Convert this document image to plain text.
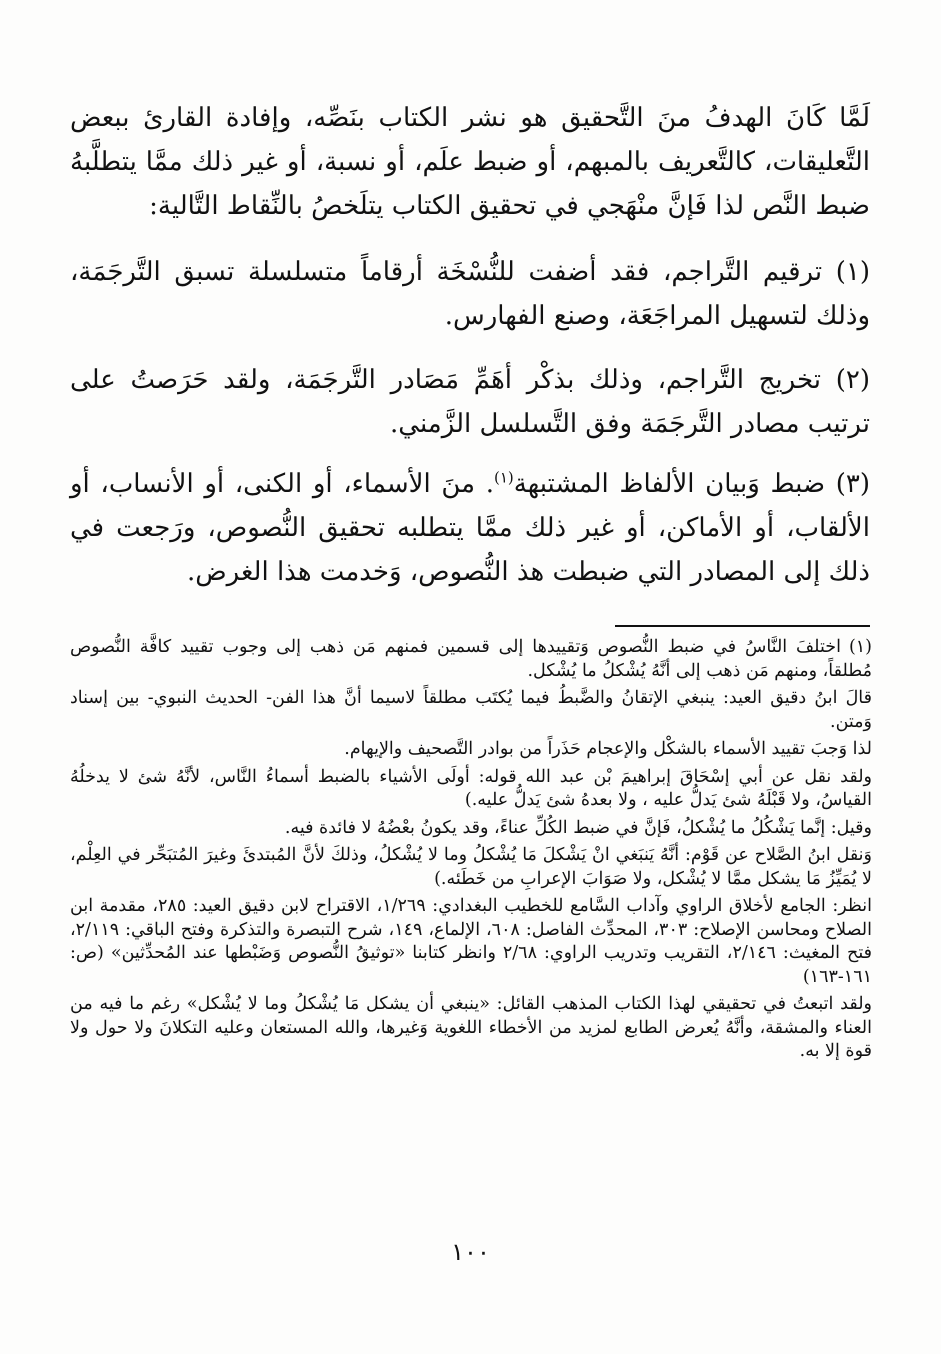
لَمَّا كَانَ الهدفُ منَ التَّحقيق هو نشر الكتاب بنَصِّه، وإفادة القارئ ببعض التَّعليقات، كالتَّعريف بالمبهم، أو ضبط علَم، أو نسبة، أو غير ذلك ممَّا يتطلَّبهُ ضبط النَّص لذا فَإنَّ منْهَجي في تحقيق الكتاب يتلَخصُ بالنِّقاط التَّالية:

(١) ترقيم التَّراجم، فقد أضفت للنُّسْخَة أرقاماً متسلسلة تسبق التَّرجَمَة، وذلك لتسهيل المراجَعَة، وصنع الفهارس.

(٢) تخريج التَّراجم، وذلك بذكْر أهَمِّ مَصَادر التَّرجَمَة، ولقد حَرَصتُ على ترتيب مصادر التَّرجَمَة وفق التَّسلسل الزَّمني.

(٣) ضبط وَبيان الألفاظ المشتبهة$^{(١)}$. منَ الأسماء، أو الكنى، أو الأنساب، أو الألقاب، أو الأماكن، أو غير ذلك ممَّا يتطلبه تحقيق النُّصوص، ورَجعت في ذلك إلى المصادر التي ضبطت هذ النُّصوص، وَخدمت هذا الغرض.

(١)اختلفَ النَّاسُ في ضبط النُّصوص وَتقييدها إلى قسمين فمنهم مَن ذهب إلى وجوب تقييد كافَّة النُّصوص مُطلقاً، ومنهم مَن ذهب إلى أنَّهُ يُشْكلُ ما يُشْكل.

قالَ ابنُ دقيق العيد: ينبغي الإتقانُ والضَّبطُ فيما يُكتَب مطلقاً لاسيما أنَّ هذا الفن- الحديث النبوي- بين إسناد وَمتن.

لذا وَجبَ تقييد الأسماء بالشكْل والإعجام حَذَراً من بوادر التَّصحيف والإيهام.

ولقد نقل عن أبي إسْحَاقَ إبراهيمَ بْن عبد الله قوله: أولَى الأشياء بالضبط أسماءُ النَّاس، لأنَّهُ شئ لا يدخلُهُ القياسُ، ولا قَبْلَهُ شئ يَدلُّ عليه ، ولا بعدهُ شئ يَدلُّ عليه.)

وقيل: إنَّما يَشْكُلُ ما يُشْكلُ، فَإنَّ في ضبط الكُلِّ عناءً، وقد يكونُ بعْضُهُ لا فائدة فيه.

وَنقل ابنُ الصَّلاح عن قَوْم: أنَّهُ يَنبَغي انْ يَشْكلَ مَا يُشْكلُ وما لا يُشْكلُ، وذلكَ لأنَّ المُبتدئَ وغيرَ المُتبَحِّر في العِلْم، لا يُمَيِّزُ مَا يشكل ممَّا لا يُشْكل، ولا صَوَابَ الإعرابِ من خَطَئه.)

انظر: الجامع لأخلاق الراوي وآداب السَّامع للخطيب البغدادي: ١/٢٦٩، الاقتراح لابن دقيق العيد: ٢٨٥، مقدمة ابن الصلاح ومحاسن الإصلاح: ٣٠٣، المحدِّث الفاصل: ٦٠٨، الإلماع، ١٤٩، شرح التبصرة والتذكرة وفتح الباقي: ٢/١١٩، فتح المغيث: ٢/١٤٦، التقريب وتدريب الراوي: ٢/٦٨ وانظر كتابنا «توثيقُ النُّصوص وَضَبْطها عند المُحدِّثين» (ص: ١٦١-١٦٣)

ولقد اتبعتُ في تحقيقي لهذا الكتاب المذهب القائل: «ينبغي أن يشكل مَا يُشْكلُ وما لا يُشْكل» رغم ما فيه من العناء والمشقة، وأنَّهُ يُعرض الطابع لمزيد من الأخطاء اللغوية وَغيرها، والله المستعان وعليه التكلانَ ولا حول ولا قوة إلا به.

١٠٠
